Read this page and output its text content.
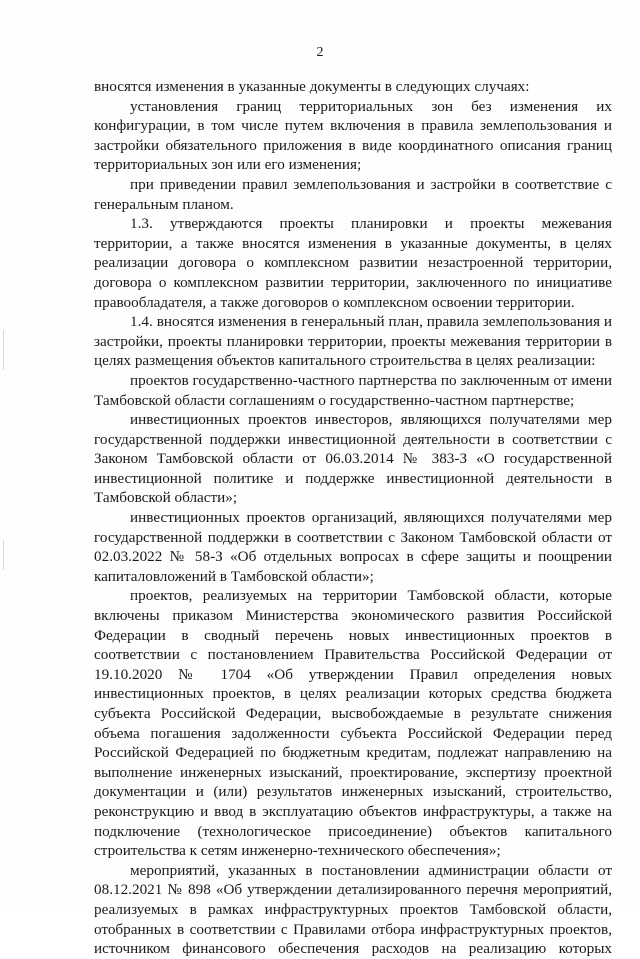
2

вносятся изменения в указанные документы в следующих случаях:

установления границ территориальных зон без изменения их конфигурации, в том числе путем включения в правила землепользования и застройки обязательного приложения в виде координатного описания границ территориальных зон или его изменения;

при приведении правил землепользования и застройки в соответствие с генеральным планом.

1.3. утверждаются проекты планировки и проекты межевания территории, а также вносятся изменения в указанные документы, в целях реализации договора о комплексном развитии незастроенной территории, договора о комплексном развитии территории, заключенного по инициативе правообладателя, а также договоров о комплексном освоении территории.

1.4. вносятся изменения в генеральный план, правила землепользования и застройки, проекты планировки территории, проекты межевания территории в целях размещения объектов капитального строительства в целях реализации:

проектов государственно-частного партнерства по заключенным от имени Тамбовской области соглашениям о государственно-частном партнерстве;

инвестиционных проектов инвесторов, являющихся получателями мер государственной поддержки инвестиционной деятельности в соответствии с Законом Тамбовской области от 06.03.2014 № 383-З «О государственной инвестиционной политике и поддержке инвестиционной деятельности в Тамбовской области»;

инвестиционных проектов организаций, являющихся получателями мер государственной поддержки в соответствии с Законом Тамбовской области от 02.03.2022 № 58-З «Об отдельных вопросах в сфере защиты и поощрении капиталовложений в Тамбовской области»;

проектов, реализуемых на территории Тамбовской области, которые включены приказом Министерства экономического развития Российской Федерации в сводный перечень новых инвестиционных проектов в соответствии с постановлением Правительства Российской Федерации от 19.10.2020 № 1704 «Об утверждении Правил определения новых инвестиционных проектов, в целях реализации которых средства бюджета субъекта Российской Федерации, высвобождаемые в результате снижения объема погашения задолженности субъекта Российской Федерации перед Российской Федерацией по бюджетным кредитам, подлежат направлению на выполнение инженерных изысканий, проектирование, экспертизу проектной документации и (или) результатов инженерных изысканий, строительство, реконструкцию и ввод в эксплуатацию объектов инфраструктуры, а также на подключение (технологическое присоединение) объектов капитального строительства к сетям инженерно-технического обеспечения»;

мероприятий, указанных в постановлении администрации области от 08.12.2021 № 898 «Об утверждении детализированного перечня мероприятий, реализуемых в рамках инфраструктурных проектов Тамбовской области, отобранных в соответствии с Правилами отбора инфраструктурных проектов, источником финансового обеспечения расходов на реализацию которых
